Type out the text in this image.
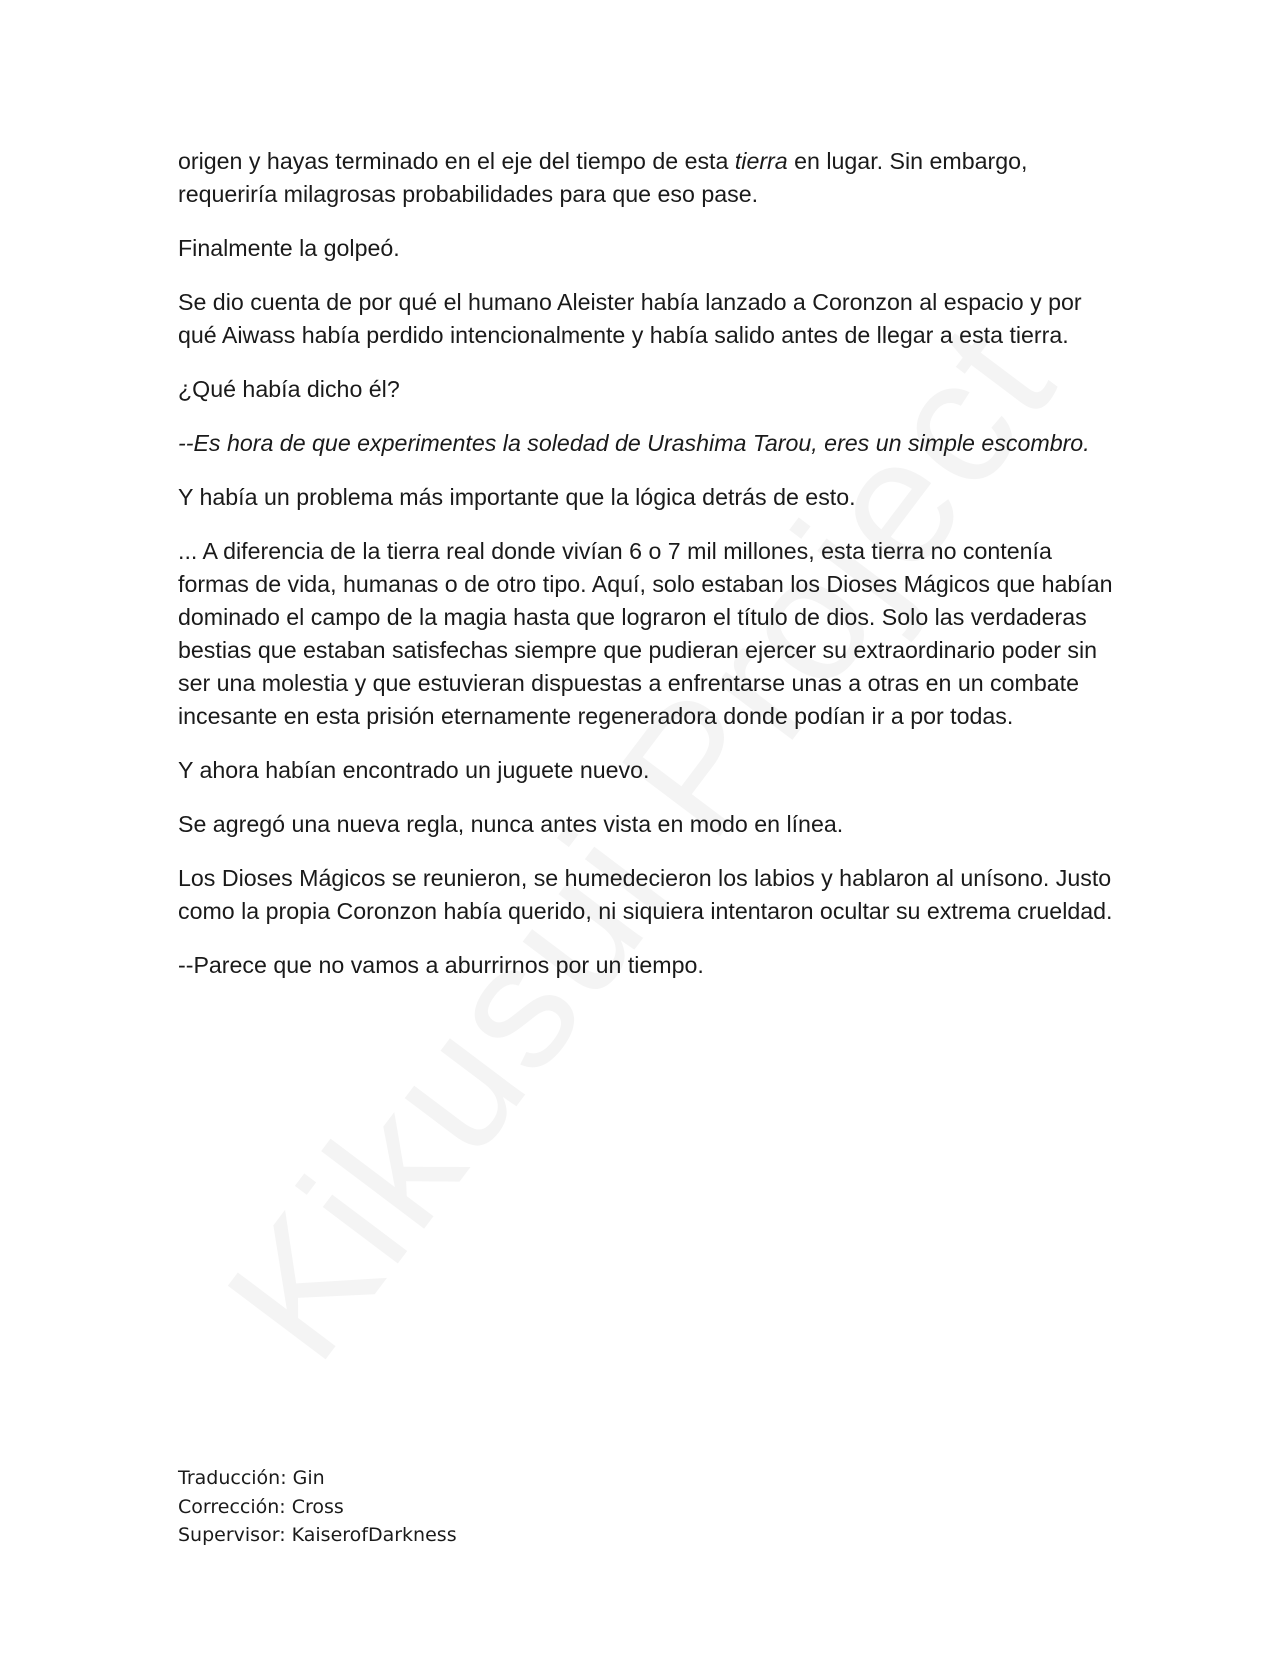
origen y hayas terminado en el eje del tiempo de esta tierra en lugar. Sin embargo, requeriría milagrosas probabilidades para que eso pase.

Finalmente la golpeó.

Se dio cuenta de por qué el humano Aleister había lanzado a Coronzon al espacio y por qué Aiwass había perdido intencionalmente y había salido antes de llegar a esta tierra.

¿Qué había dicho él?

--Es hora de que experimentes la soledad de Urashima Tarou, eres un simple escombro.

Y había un problema más importante que la lógica detrás de esto.

... A diferencia de la tierra real donde vivían 6 o 7 mil millones, esta tierra no contenía formas de vida, humanas o de otro tipo. Aquí, solo estaban los Dioses Mágicos que habían dominado el campo de la magia hasta que lograron el título de dios. Solo las verdaderas bestias que estaban satisfechas siempre que pudieran ejercer su extraordinario poder sin ser una molestia y que estuvieran dispuestas a enfrentarse unas a otras en un combate incesante en esta prisión eternamente regeneradora donde podían ir a por todas.

Y ahora habían encontrado un juguete nuevo.

Se agregó una nueva regla, nunca antes vista en modo en línea.

Los Dioses Mágicos se reunieron, se humedecieron los labios y hablaron al unísono. Justo como la propia Coronzon había querido, ni siquiera intentaron ocultar su extrema crueldad.

--Parece que no vamos a aburrirnos por un tiempo.

Traducción: Gin
Corrección: Cross
Supervisor: KaiserofDarkness
